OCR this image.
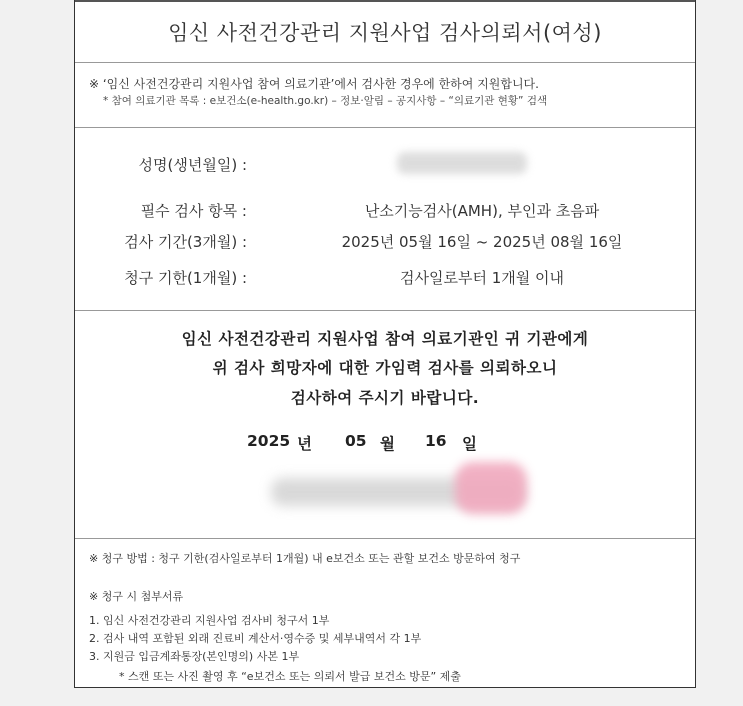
임신 사전건강관리 지원사업 검사의뢰서(여성)
※ ‘임신 사전건강관리 지원사업 참여 의료기관’에서 검사한 경우에 한하여 지원합니다.
* 참여 의료기관 목록 : e보건소(e-health.go.kr) – 정보·알림 – 공지사항 – “의료기관 현황” 검색
성명(생년월일) :
필수 검사 항목 :	난소기능검사(AMH), 부인과 초음파
검사 기간(3개월) :	2025년 05월 16일 ~ 2025년 08월 16일
청구 기한(1개월) :	검사일로부터 1개월 이내
임신 사전건강관리 지원사업 참여 의료기관인 귀 기관에게
위 검사 희망자에 대한 가임력 검사를 의뢰하오니
검사하여 주시기 바랍니다.
2025 년 05 월 16 일
※ 청구 방법 : 청구 기한(검사일로부터 1개월) 내 e보건소 또는 관할 보건소 방문하여 청구
※ 청구 시 첨부서류
1. 임신 사전건강관리 지원사업 검사비 청구서 1부
2. 검사 내역 포함된 외래 진료비 계산서·영수증 및 세부내역서 각 1부
3. 지원금 입금계좌통장(본인명의) 사본 1부
* 스캔 또는 사진 촬영 후 “e보건소 또는 의뢰서 발급 보건소 방문” 제출
